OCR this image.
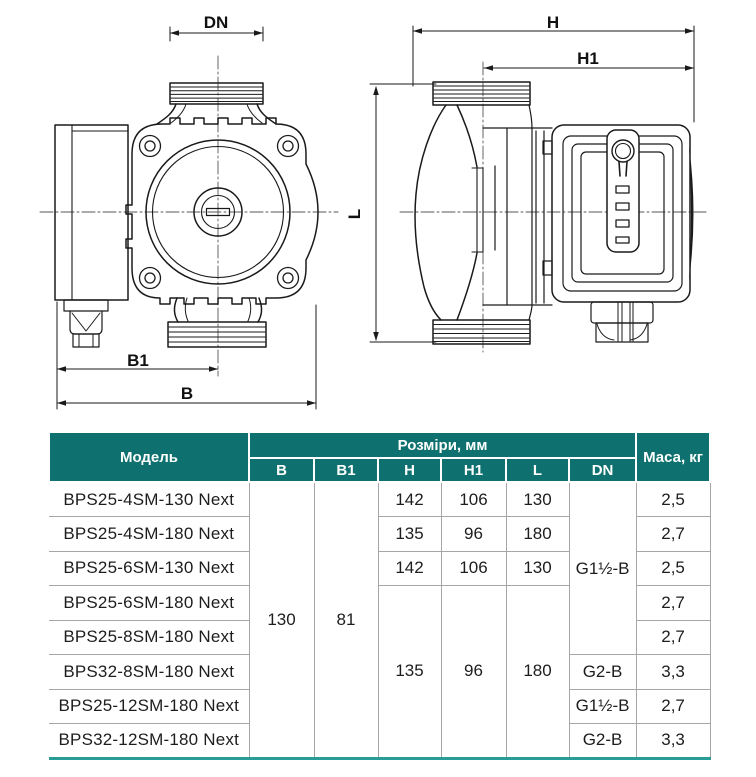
DN	H
H1
L
B1
B
Модель	Розміри, мм						Маса, кг
	B	B1	H	H1	L	DN	
BPS25-4SM-130 Next	130	81	142	106	130	G1½-B	2,5
BPS25-4SM-180 Next			135	96	180		2,7
BPS25-6SM-130 Next			142	106	130		2,5
BPS25-6SM-180 Next			135	96	180		2,7
BPS25-8SM-180 Next							2,7
BPS32-8SM-180 Next						G2-B	3,3
BPS25-12SM-180 Next						G1½-B	2,7
BPS32-12SM-180 Next						G2-B	3,3
